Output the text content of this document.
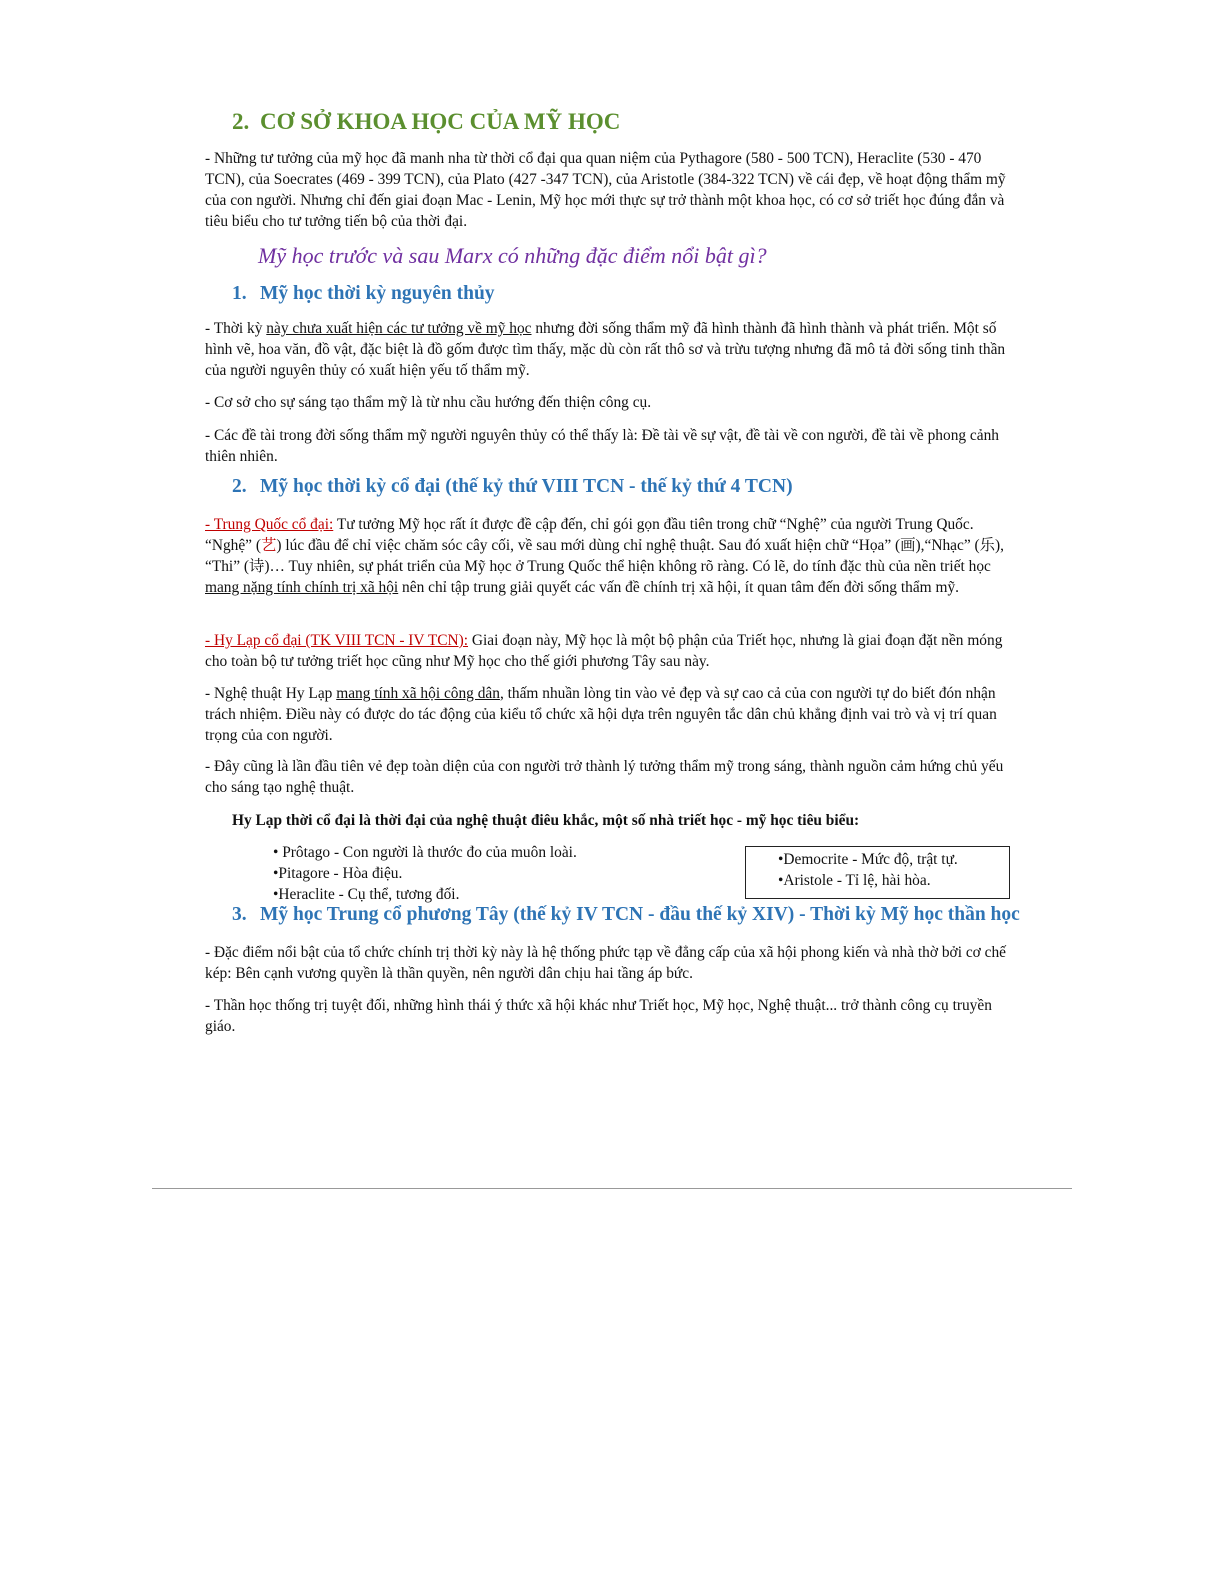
2. CƠ SỞ KHOA HỌC CỦA MỸ HỌC

- Những tư tưởng của mỹ học đã manh nha từ thời cổ đại qua quan niệm của Pythagore (580 - 500 TCN), Heraclite (530 - 470 TCN), của Soecrates (469 - 399 TCN), của Plato (427 -347 TCN), của Aristotle (384-322 TCN) về cái đẹp, về hoạt động thẩm mỹ của con người. Nhưng chỉ đến giai đoạn Mac - Lenin, Mỹ học mới thực sự trở thành một khoa học, có cơ sở triết học đúng đắn và tiêu biểu cho tư tưởng tiến bộ của thời đại.

Mỹ học trước và sau Marx có những đặc điểm nổi bật gì?
1. Mỹ học thời kỳ nguyên thủy

- Thời kỳ này chưa xuất hiện các tư tưởng về mỹ học nhưng đời sống thẩm mỹ đã hình thành đã hình thành và phát triển. Một số hình vẽ, hoa văn, đồ vật, đặc biệt là đồ gốm được tìm thấy, mặc dù còn rất thô sơ và trừu tượng nhưng đã mô tả đời sống tinh thần của người nguyên thủy có xuất hiện yếu tố thẩm mỹ.

- Cơ sở cho sự sáng tạo thẩm mỹ là từ nhu cầu hướng đến thiện công cụ.

- Các đề tài trong đời sống thẩm mỹ người nguyên thủy có thể thấy là: Đề tài về sự vật, đề tài về con người, đề tài về phong cảnh thiên nhiên.

2. Mỹ học thời kỳ cổ đại (thế kỷ thứ VIII TCN - thế kỷ thứ 4 TCN)

- Trung Quốc cổ đại: Tư tưởng Mỹ học rất ít được đề cập đến, chỉ gói gọn đầu tiên trong chữ “Nghệ” của người Trung Quốc. “Nghệ” (艺) lúc đầu để chỉ việc chăm sóc cây cối, về sau mới dùng chỉ nghệ thuật. Sau đó xuất hiện chữ “Họa” (画),“Nhạc” (乐), “Thi” (诗)… Tuy nhiên, sự phát triển của Mỹ học ở Trung Quốc thể hiện không rõ ràng. Có lẽ, do tính đặc thù của nền triết học mang nặng tính chính trị xã hội nên chỉ tập trung giải quyết các vấn đề chính trị xã hội, ít quan tâm đến đời sống thẩm mỹ.

- Hy Lạp cổ đại (TK VIII TCN - IV TCN): Giai đoạn này, Mỹ học là một bộ phận của Triết học, nhưng là giai đoạn đặt nền móng cho toàn bộ tư tưởng triết học cũng như Mỹ học cho thế giới phương Tây sau này.

- Nghệ thuật Hy Lạp mang tính xã hội công dân, thấm nhuần lòng tin vào vẻ đẹp và sự cao cả của con người tự do biết đón nhận trách nhiệm. Điều này có được do tác động của kiểu tổ chức xã hội dựa trên nguyên tắc dân chủ khẳng định vai trò và vị trí quan trọng của con người.

- Đây cũng là lần đầu tiên vẻ đẹp toàn diện của con người trở thành lý tưởng thẩm mỹ trong sáng, thành nguồn cảm hứng chủ yếu cho sáng tạo nghệ thuật.

Hy Lạp thời cổ đại là thời đại của nghệ thuật điêu khắc, một số nhà triết học - mỹ học tiêu biểu:

• Prôtago - Con người là thước đo của muôn loài.
•Pitagore - Hòa điệu.
•Heraclite - Cụ thể, tương đối.
3. Mỹ học Trung cổ phương Tây (thế kỷ IV TCN - đầu thế kỷ XIV) - Thời kỳ Mỹ học thần học

- Đặc điểm nổi bật của tổ chức chính trị thời kỳ này là hệ thống phức tạp về đẳng cấp của xã hội phong kiến và nhà thờ bởi cơ chế kép: Bên cạnh vương quyền là thần quyền, nên người dân chịu hai tầng áp bức.

- Thần học thống trị tuyệt đối, những hình thái ý thức xã hội khác như Triết học, Mỹ học, Nghệ thuật... trở thành công cụ truyền giáo.

•Democrite - Mức độ, trật tự.
•Aristole - Tỉ lệ, hài hòa.
